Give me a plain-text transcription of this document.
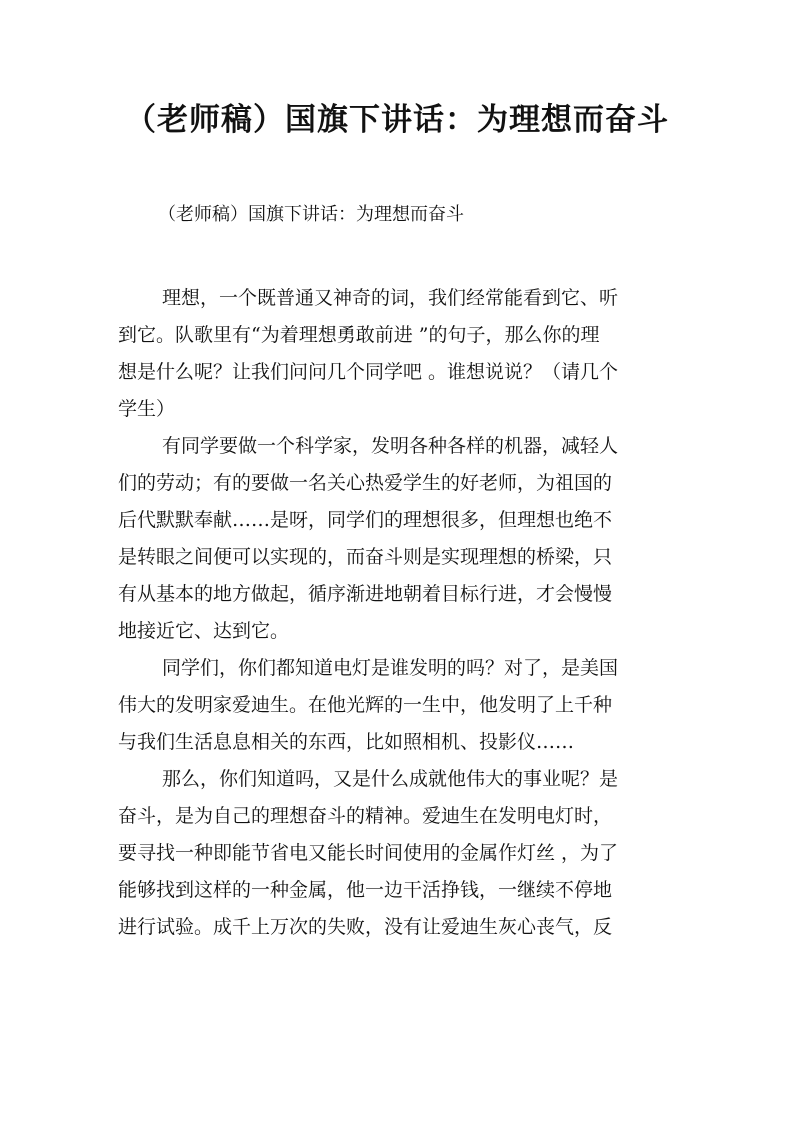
（老师稿）国旗下讲话：为理想而奋斗
（老师稿）国旗下讲话：为理想而奋斗

理想，一个既普通又神奇的词，我们经常能看到它、听

到它。队歌里有“为着理想勇敢前进 ”的句子，那么你的理

想是什么呢？让我们问问几个同学吧 。谁想说说？（请几个

学生）

有同学要做一个科学家，发明各种各样的机器，减轻人

们的劳动；有的要做一名关心热爱学生的好老师，为祖国的

后代默默奉献……是呀，同学们的理想很多，但理想也绝不

是转眼之间便可以实现的，而奋斗则是实现理想的桥梁，只

有从基本的地方做起，循序渐进地朝着目标行进，才会慢慢

地接近它、达到它。

同学们，你们都知道电灯是谁发明的吗？对了，是美国

伟大的发明家爱迪生。在他光辉的一生中，他发明了上千种

与我们生活息息相关的东西，比如照相机、投影仪……

那么，你们知道吗，又是什么成就他伟大的事业呢？是

奋斗，是为自己的理想奋斗的精神。爱迪生在发明电灯时，

要寻找一种即能节省电又能长时间使用的金属作灯丝 ，为了

能够找到这样的一种金属，他一边干活挣钱，一继续不停地

进行试验。成千上万次的失败，没有让爱迪生灰心丧气，反
